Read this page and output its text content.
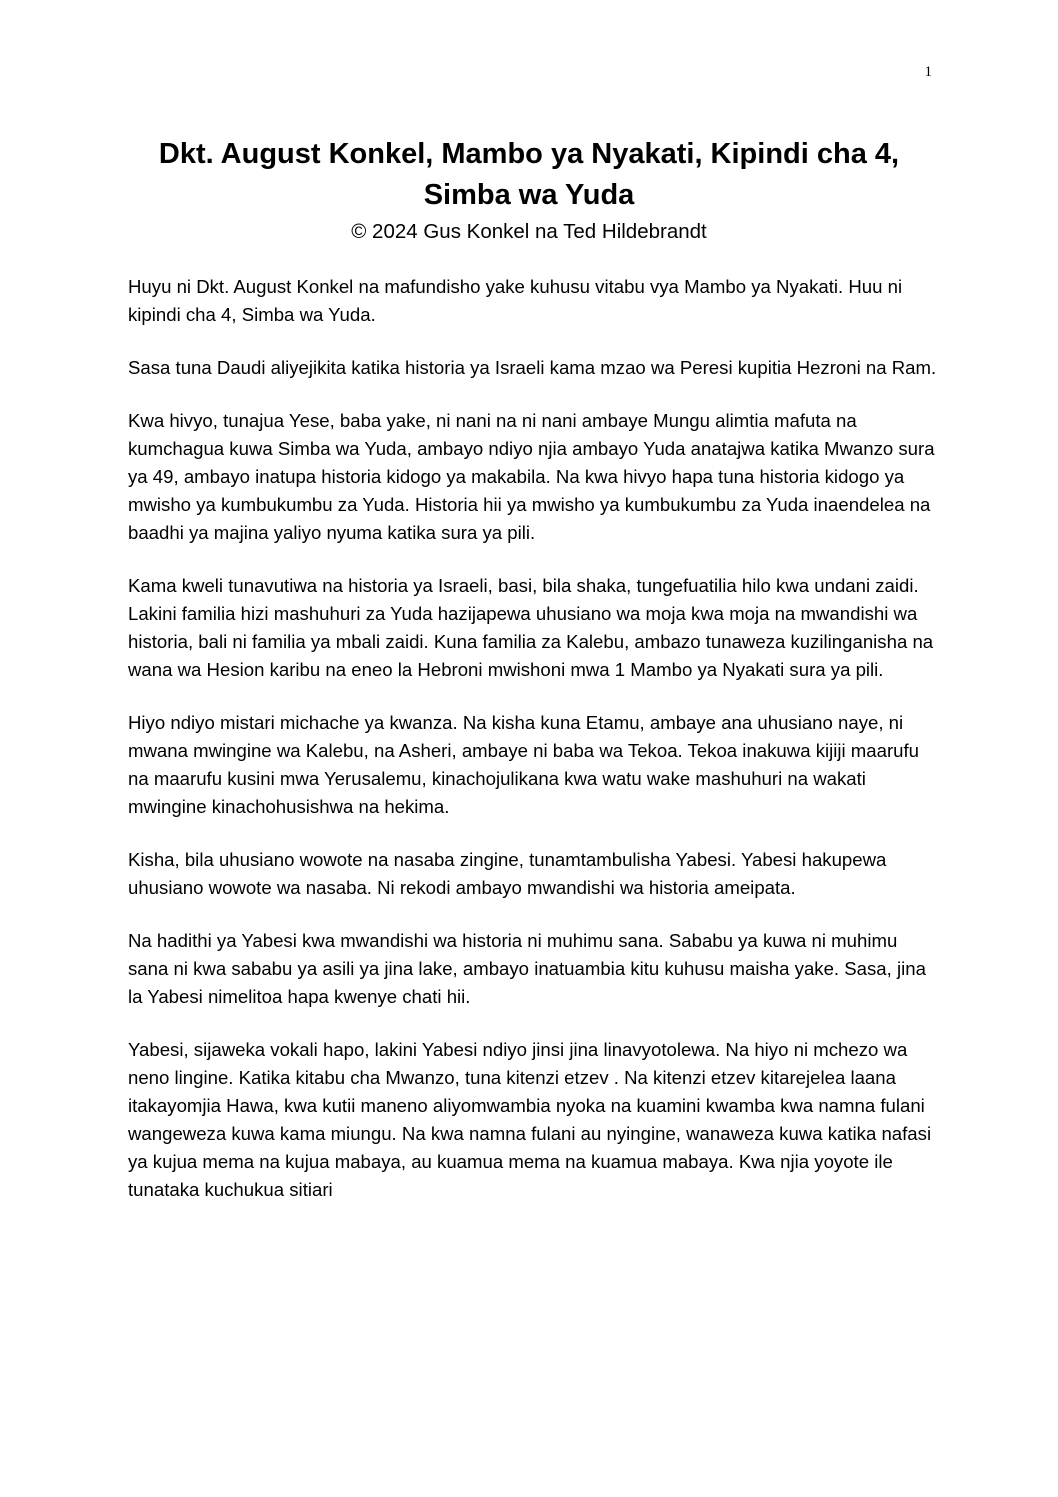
1
Dkt. August Konkel, Mambo ya Nyakati, Kipindi cha 4,
Simba wa Yuda

© 2024 Gus Konkel na Ted Hildebrandt

Huyu ni Dkt. August Konkel na mafundisho yake kuhusu vitabu vya Mambo ya Nyakati. Huu ni kipindi cha 4, Simba wa Yuda.

Sasa tuna Daudi aliyejikita katika historia ya Israeli kama mzao wa Peresi kupitia Hezroni na Ram.

Kwa hivyo, tunajua Yese, baba yake, ni nani na ni nani ambaye Mungu alimtia mafuta na kumchagua kuwa Simba wa Yuda, ambayo ndiyo njia ambayo Yuda anatajwa katika Mwanzo sura ya 49, ambayo inatupa historia kidogo ya makabila. Na kwa hivyo hapa tuna historia kidogo ya mwisho ya kumbukumbu za Yuda. Historia hii ya mwisho ya kumbukumbu za Yuda inaendelea na baadhi ya majina yaliyo nyuma katika sura ya pili.

Kama kweli tunavutiwa na historia ya Israeli, basi, bila shaka, tungefuatilia hilo kwa undani zaidi. Lakini familia hizi mashuhuri za Yuda hazijapewa uhusiano wa moja kwa moja na mwandishi wa historia, bali ni familia ya mbali zaidi. Kuna familia za Kalebu, ambazo tunaweza kuzilinganisha na wana wa Hesion karibu na eneo la Hebroni mwishoni mwa 1 Mambo ya Nyakati sura ya pili.

Hiyo ndiyo mistari michache ya kwanza. Na kisha kuna Etamu, ambaye ana uhusiano naye, ni mwana mwingine wa Kalebu, na Asheri, ambaye ni baba wa Tekoa. Tekoa inakuwa kijiji maarufu na maarufu kusini mwa Yerusalemu, kinachojulikana kwa watu wake mashuhuri na wakati mwingine kinachohusishwa na hekima.

Kisha, bila uhusiano wowote na nasaba zingine, tunamtambulisha Yabesi. Yabesi hakupewa uhusiano wowote wa nasaba. Ni rekodi ambayo mwandishi wa historia ameipata.

Na hadithi ya Yabesi kwa mwandishi wa historia ni muhimu sana. Sababu ya kuwa ni muhimu sana ni kwa sababu ya asili ya jina lake, ambayo inatuambia kitu kuhusu maisha yake. Sasa, jina la Yabesi nimelitoa hapa kwenye chati hii.

Yabesi, sijaweka vokali hapo, lakini Yabesi ndiyo jinsi jina linavyotolewa. Na hiyo ni mchezo wa neno lingine. Katika kitabu cha Mwanzo, tuna kitenzi etzev . Na kitenzi etzev kitarejelea laana itakayomjia Hawa, kwa kutii maneno aliyomwambia nyoka na kuamini kwamba kwa namna fulani wangeweza kuwa kama miungu. Na kwa namna fulani au nyingine, wanaweza kuwa katika nafasi ya kujua mema na kujua mabaya, au kuamua mema na kuamua mabaya. Kwa njia yoyote ile tunataka kuchukua sitiari
